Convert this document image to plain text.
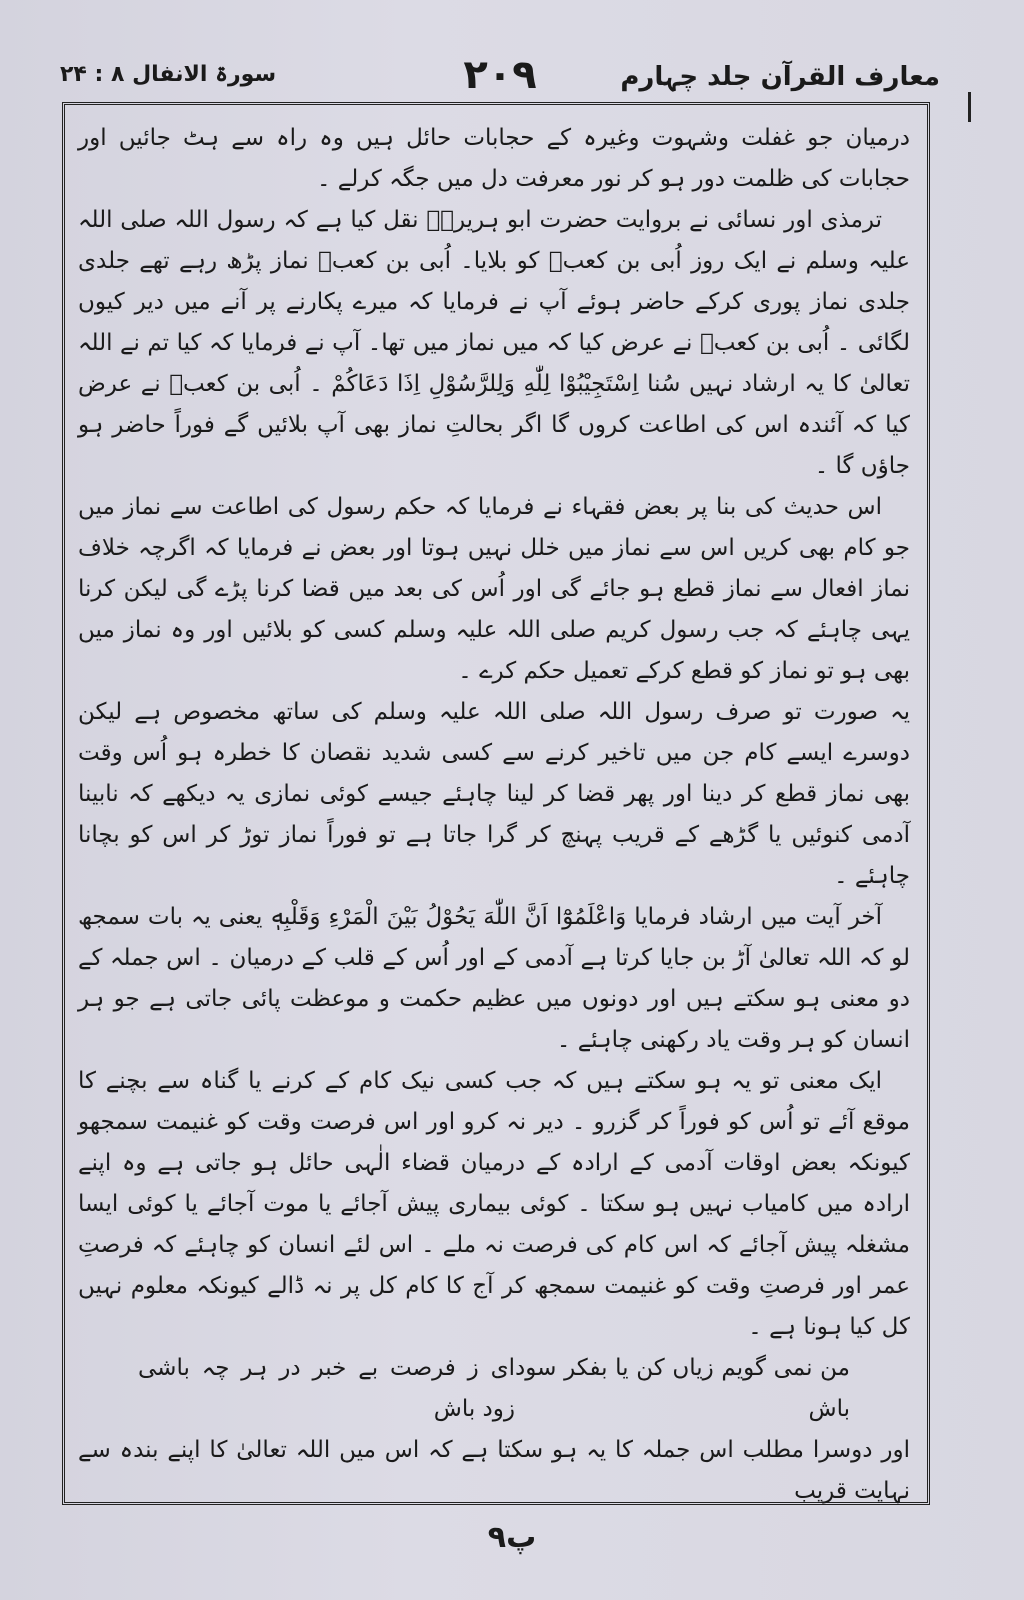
معارف القرآن جلد چہارم
۲۰۹
سورۃ الانفال ۸ : ۲۴

درمیان جو غفلت وشہوت وغیرہ کے حجابات حائل ہیں وہ راہ سے ہٹ جائیں اور حجابات کی ظلمت دور ہو کر نور معرفت دل میں جگہ کرلے ۔

ترمذی اور نسائی نے بروایت حضرت ابو ہریرہؓ نقل کیا ہے کہ رسول اللہ صلی اللہ علیہ وسلم نے ایک روز اُبی بن کعبؓ کو بلایا۔ اُبی بن کعبؓ نماز پڑھ رہے تھے جلدی جلدی نماز پوری کرکے حاضر ہوئے آپ نے فرمایا کہ میرے پکارنے پر آنے میں دیر کیوں لگائی ۔ اُبی بن کعبؓ نے عرض کیا کہ میں نماز میں تھا۔ آپ نے فرمایا کہ کیا تم نے اللہ تعالیٰ کا یہ ارشاد نہیں سُنا اِسْتَجِيْبُوْا لِلّٰهِ وَلِلرَّسُوْلِ اِذَا دَعَاكُمْ ۔ اُبی بن کعبؓ نے عرض کیا کہ آئندہ اس کی اطاعت کروں گا اگر بحالتِ نماز بھی آپ بلائیں گے فوراً حاضر ہو جاؤں گا ۔

اس حدیث کی بنا پر بعض فقہاء نے فرمایا کہ حکم رسول کی اطاعت سے نماز میں جو کام بھی کریں اس سے نماز میں خلل نہیں ہوتا اور بعض نے فرمایا کہ اگرچہ خلاف نماز افعال سے نماز قطع ہو جائے گی اور اُس کی بعد میں قضا کرنا پڑے گی لیکن کرنا یہی چاہئے کہ جب رسول کریم صلی اللہ علیہ وسلم کسی کو بلائیں اور وہ نماز میں بھی ہو تو نماز کو قطع کرکے تعمیل حکم کرے ۔

یہ صورت تو صرف رسول اللہ صلی اللہ علیہ وسلم کی ساتھ مخصوص ہے لیکن دوسرے ایسے کام جن میں تاخیر کرنے سے کسی شدید نقصان کا خطرہ ہو اُس وقت بھی نماز قطع کر دینا اور پھر قضا کر لینا چاہئے جیسے کوئی نمازی یہ دیکھے کہ نابینا آدمی کنوئیں یا گڑھے کے قریب پہنچ کر گرا جاتا ہے تو فوراً نماز توڑ کر اس کو بچانا چاہئے ۔

آخر آیت میں ارشاد فرمایا وَاعْلَمُوْٓا اَنَّ اللّٰهَ يَحُوْلُ بَيْنَ الْمَرْءِ وَقَلْبِهٖ یعنی یہ بات سمجھ لو کہ اللہ تعالیٰ آڑ بن جایا کرتا ہے آدمی کے اور اُس کے قلب کے درمیان ۔ اس جملہ کے دو معنی ہو سکتے ہیں اور دونوں میں عظیم حکمت و موعظت پائی جاتی ہے جو ہر انسان کو ہر وقت یاد رکھنی چاہئے ۔

ایک معنی تو یہ ہو سکتے ہیں کہ جب کسی نیک کام کے کرنے یا گناہ سے بچنے کا موقع آئے تو اُس کو فوراً کر گزرو ۔ دیر نہ کرو اور اس فرصت وقت کو غنیمت سمجھو کیونکہ بعض اوقات آدمی کے ارادہ کے درمیان قضاء الٰہی حائل ہو جاتی ہے وہ اپنے ارادہ میں کامیاب نہیں ہو سکتا ۔ کوئی بیماری پیش آجائے یا موت آجائے یا کوئی ایسا مشغلہ پیش آجائے کہ اس کام کی فرصت نہ ملے ۔ اس لئے انسان کو چاہئے کہ فرصتِ عمر اور فرصتِ وقت کو غنیمت سمجھ کر آج کا کام کل پر نہ ڈالے کیونکہ معلوم نہیں کل کیا ہونا ہے ۔

من نمی گویم زیاں کن یا بفکر سود باش
ای ز فرصت بے خبر در ہر چہ باشی زود باش

اور دوسرا مطلب اس جملہ کا یہ ہو سکتا ہے کہ اس میں اللہ تعالیٰ کا اپنے بندہ سے نہایت قریب

۹پ
